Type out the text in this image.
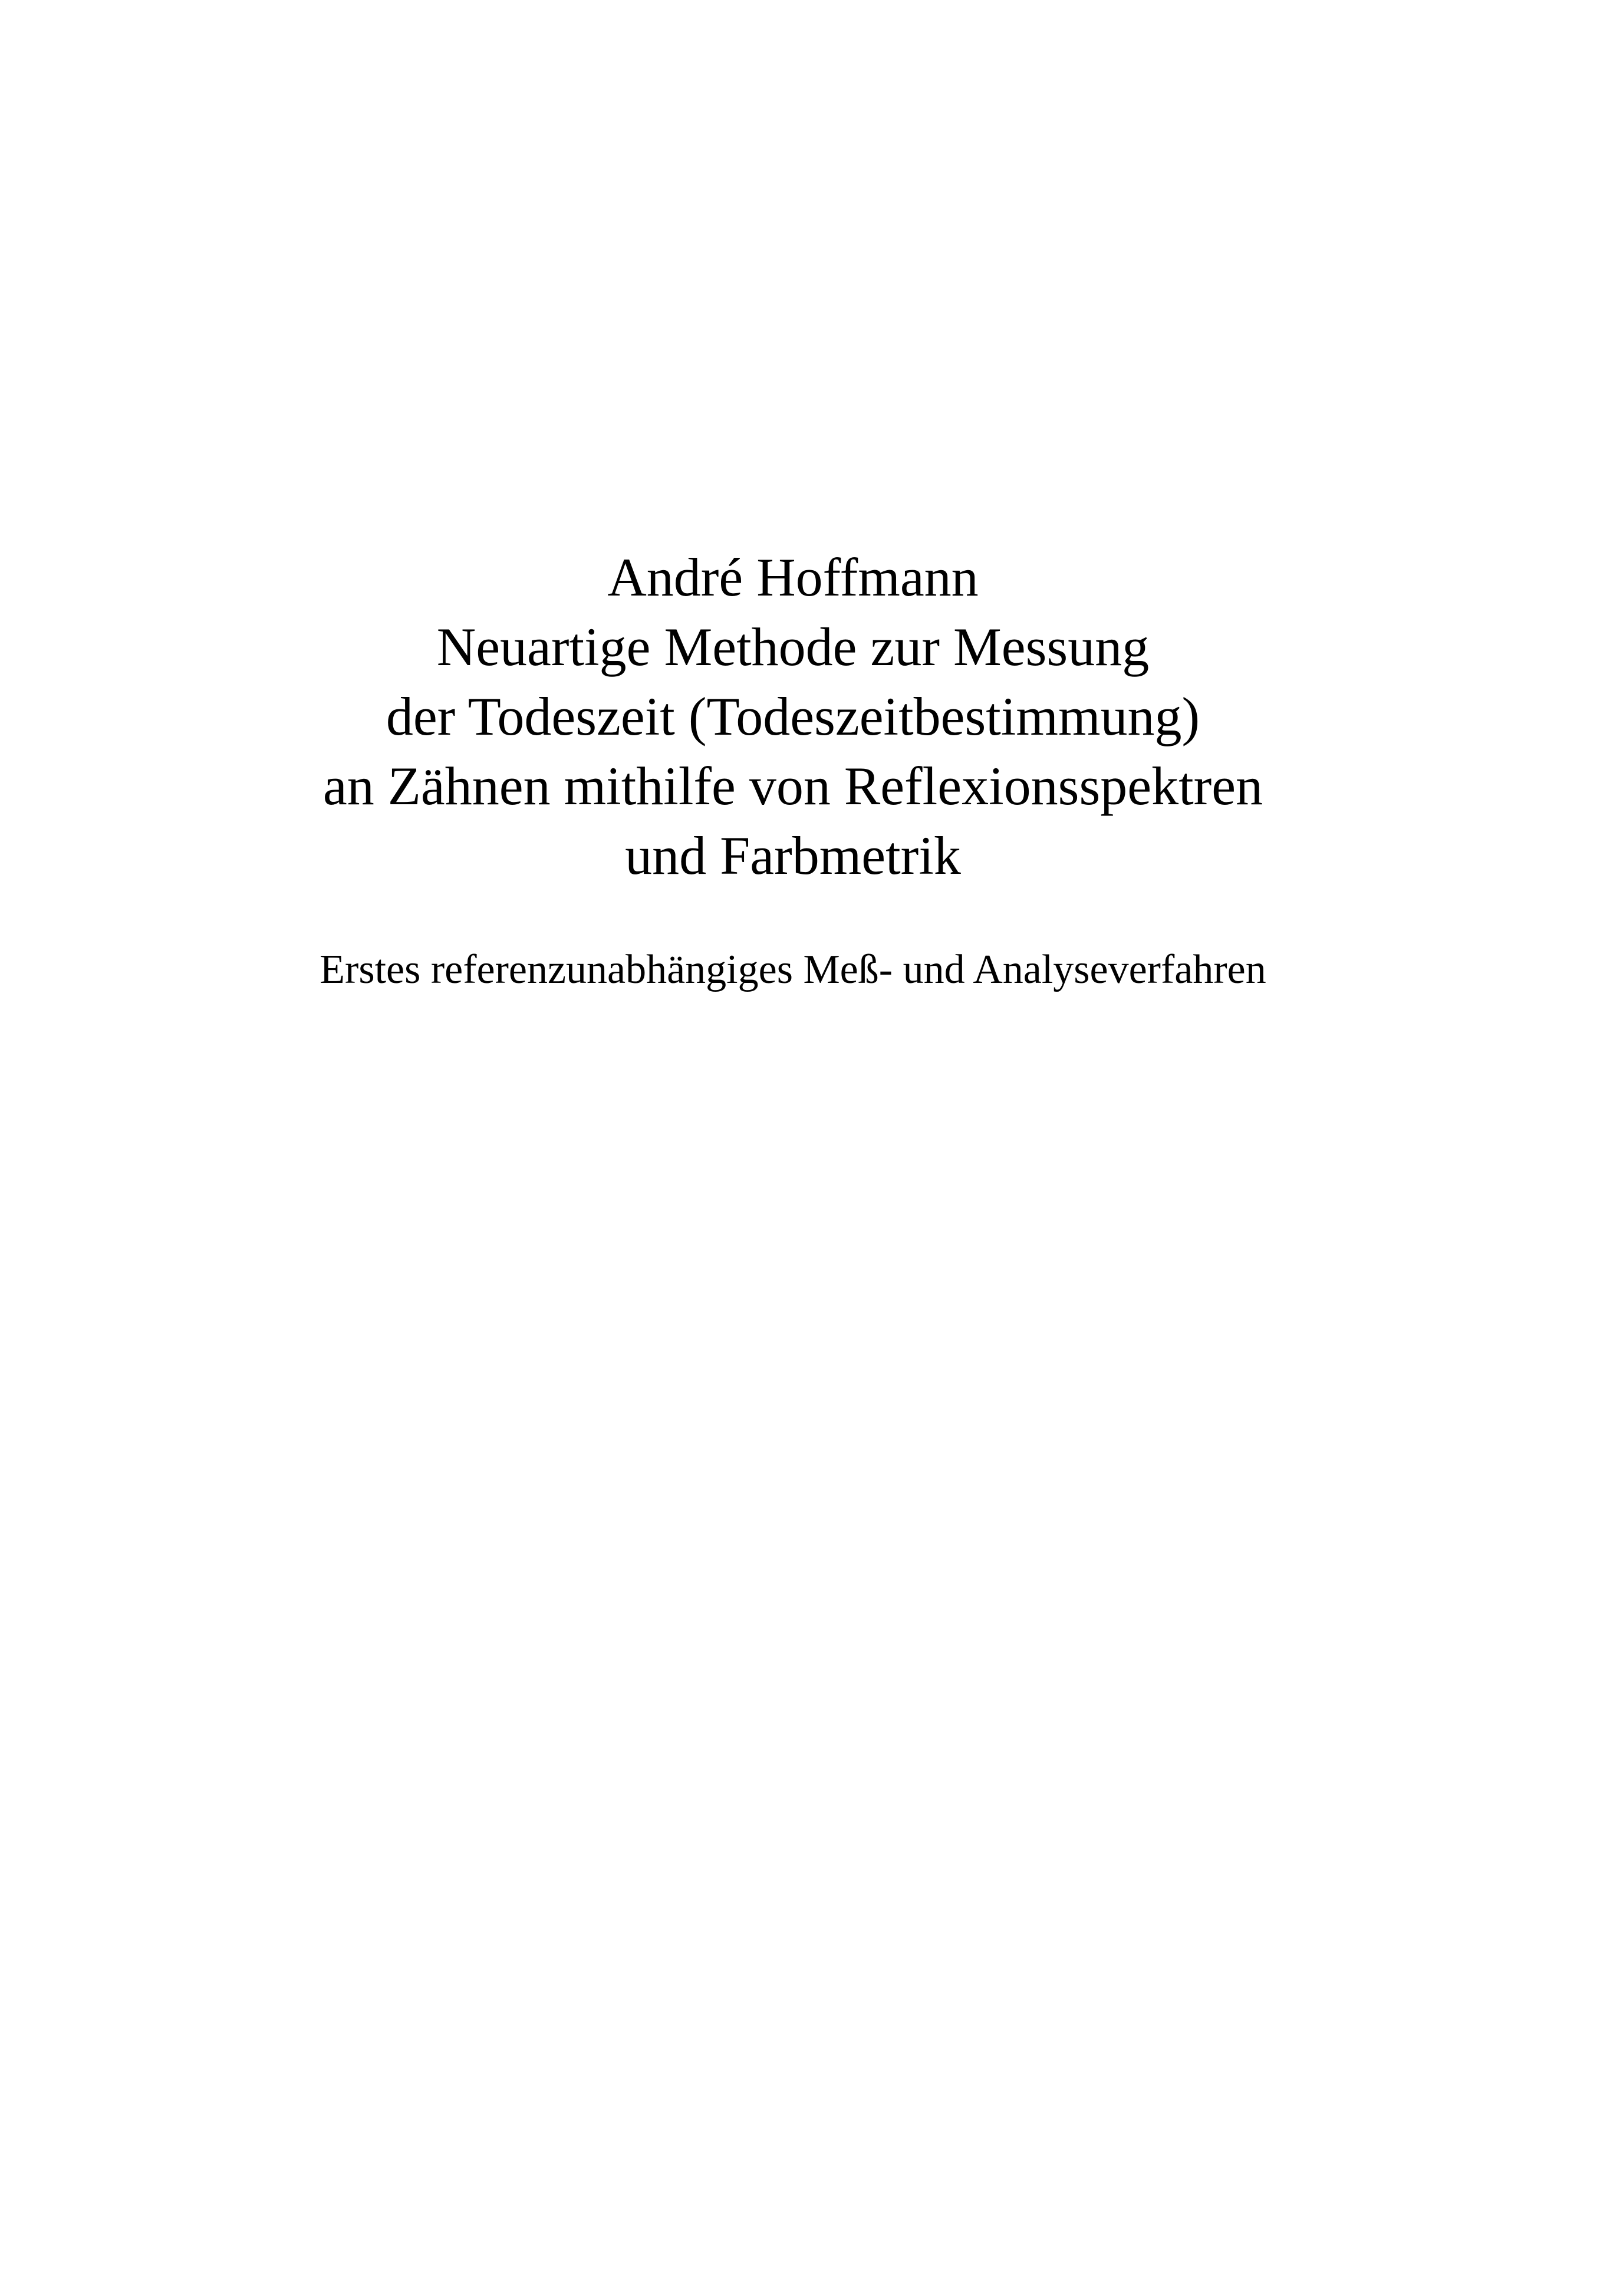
André Hoffmann
Neuartige Methode zur Messung
der Todeszeit (Todeszeitbestimmung)
an Zähnen mithilfe von Reflexionsspektren
und Farbmetrik
Erstes referenzunabhängiges Meß- und Analyseverfahren
